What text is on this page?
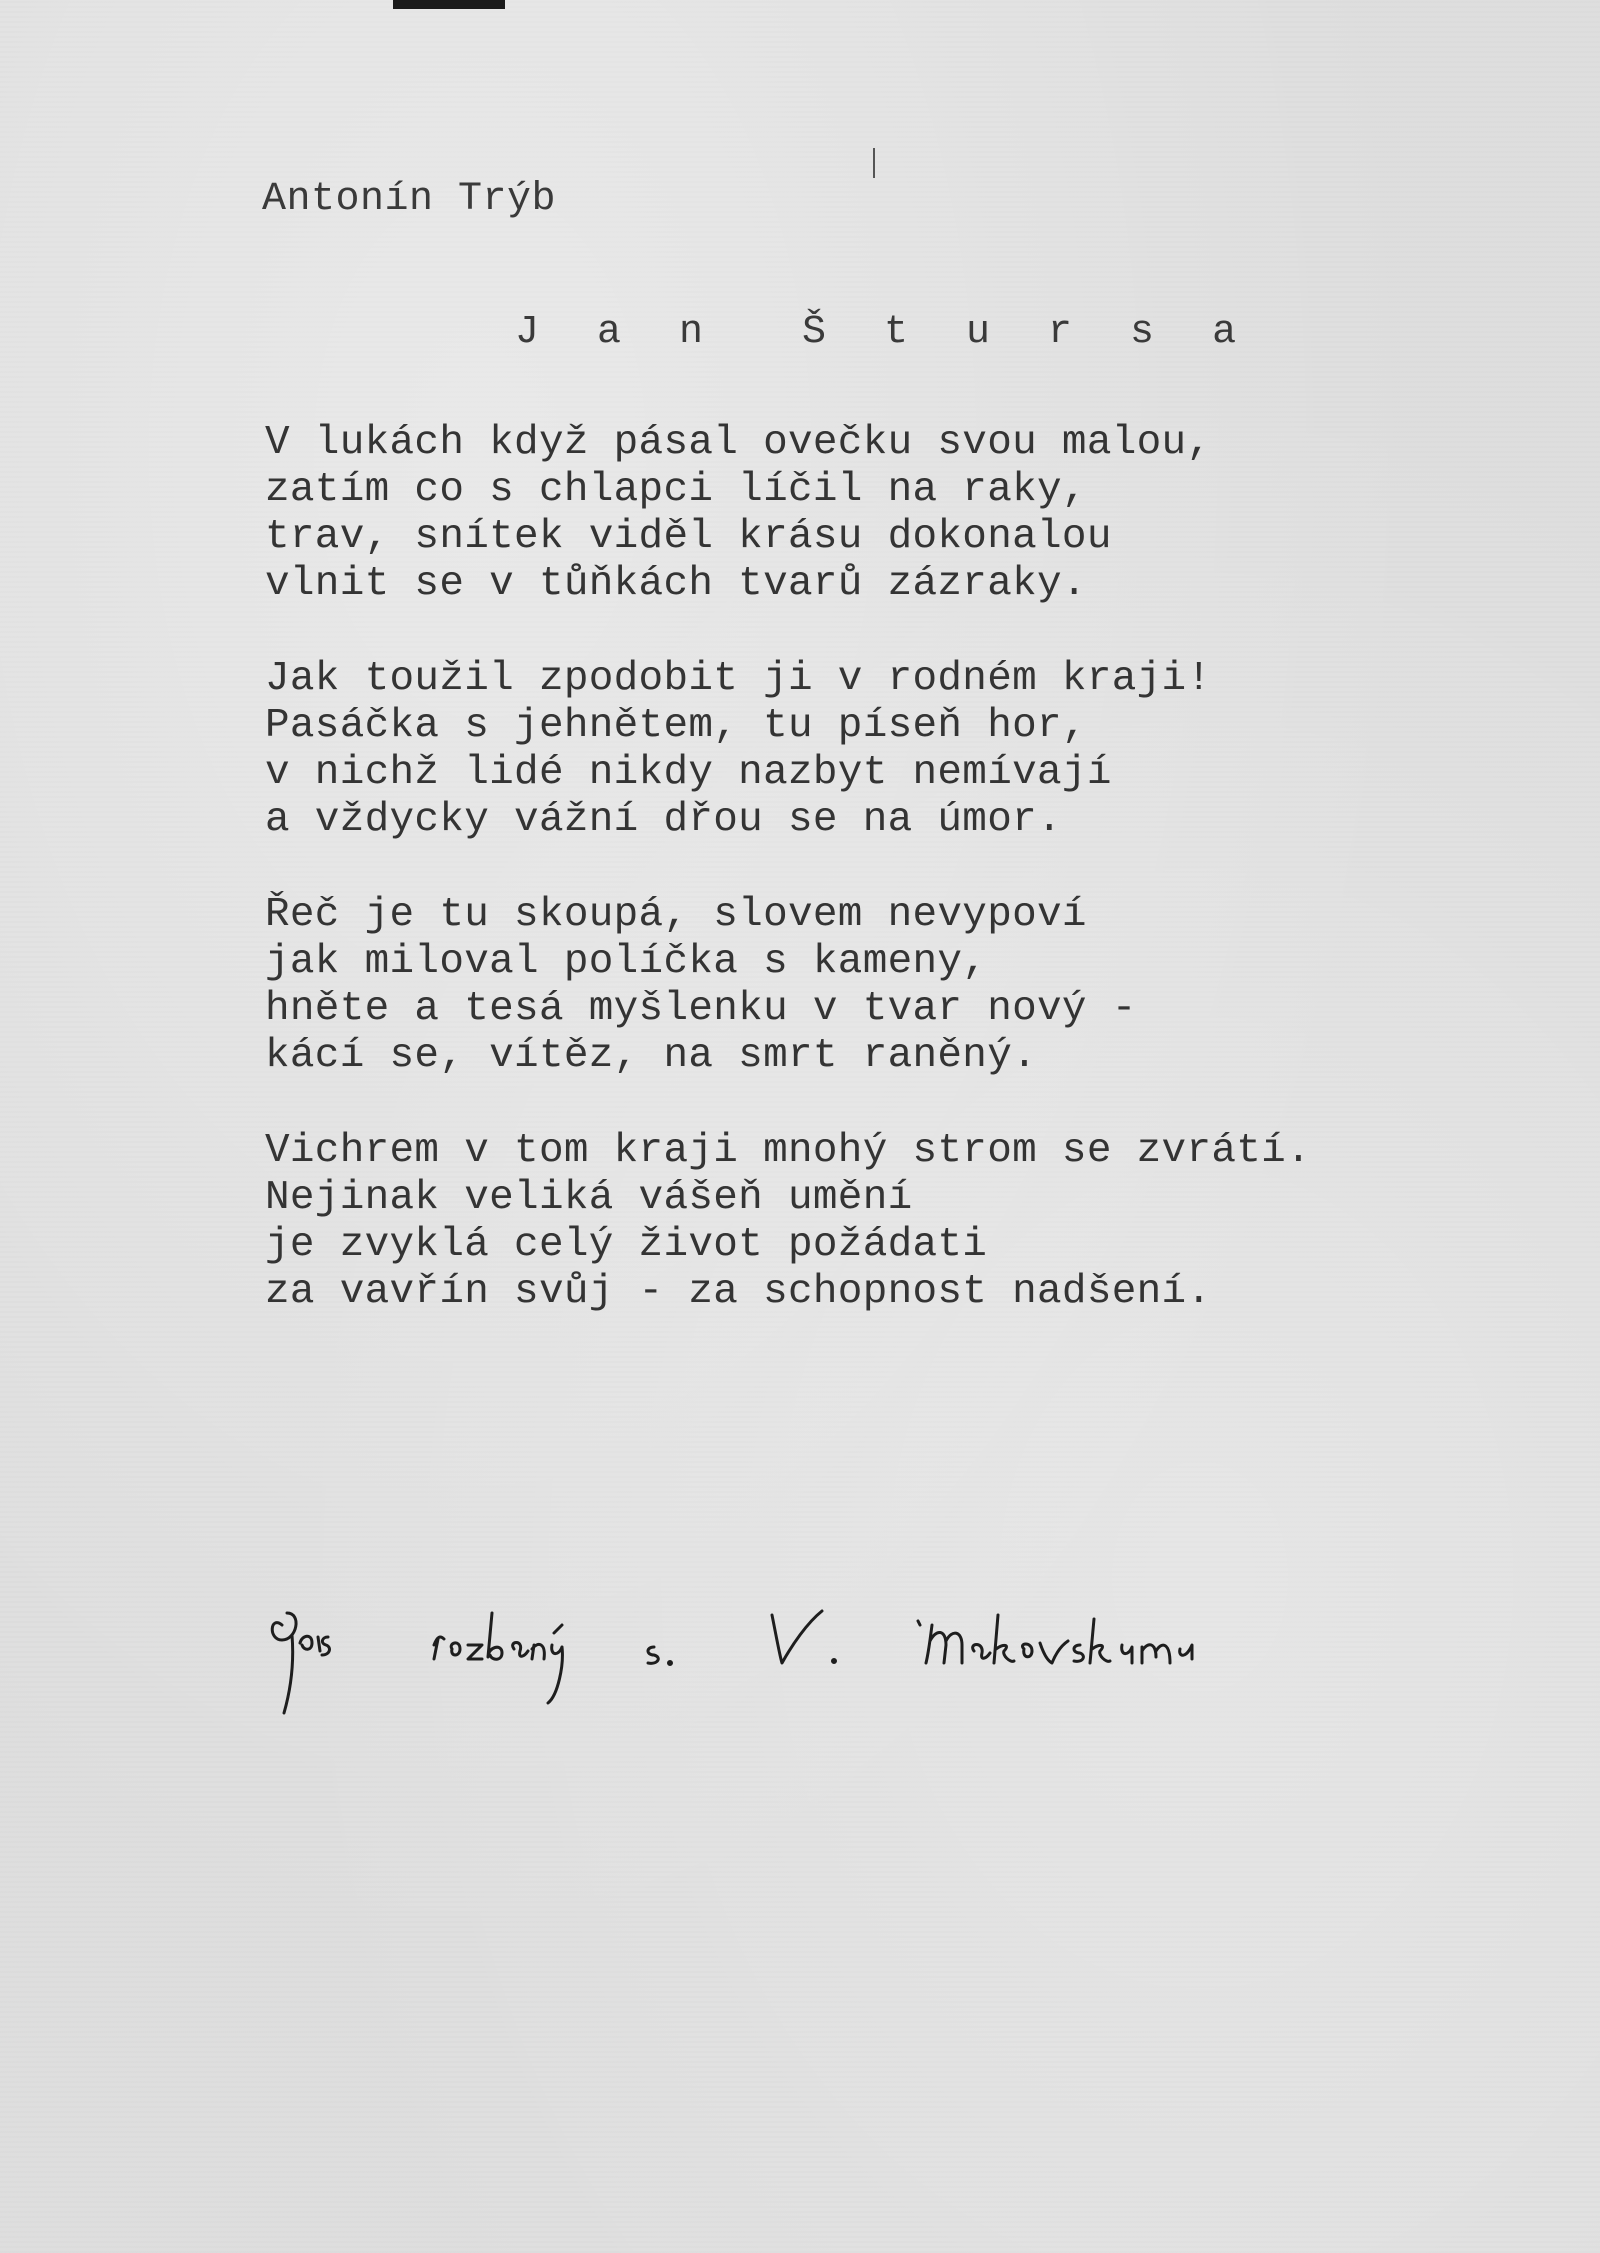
Antonín Trýb
J a n  Š t u r s a
V lukách když pásal ovečku svou malou,
zatím co s chlapci líčil na raky,
trav, snítek viděl krásu dokonalou
vlnit se v tůňkách tvarů zázraky.
Jak toužil zpodobit ji v rodném kraji!
Pasáčka s jehnětem, tu píseň hor,
v nichž lidé nikdy nazbyt nemívají
a vždycky vážní dřou se na úmor.
Řeč je tu skoupá, slovem nevypoví
jak miloval políčka s kameny,
hněte a tesá myšlenku v tvar nový -
kácí se, vítěz, na smrt raněný.
Vichrem v tom kraji mnohý strom se zvrátí.
Nejinak veliká vášeň umění
je zvyklá celý život požádati
za vavřín svůj - za schopnost nadšení.
